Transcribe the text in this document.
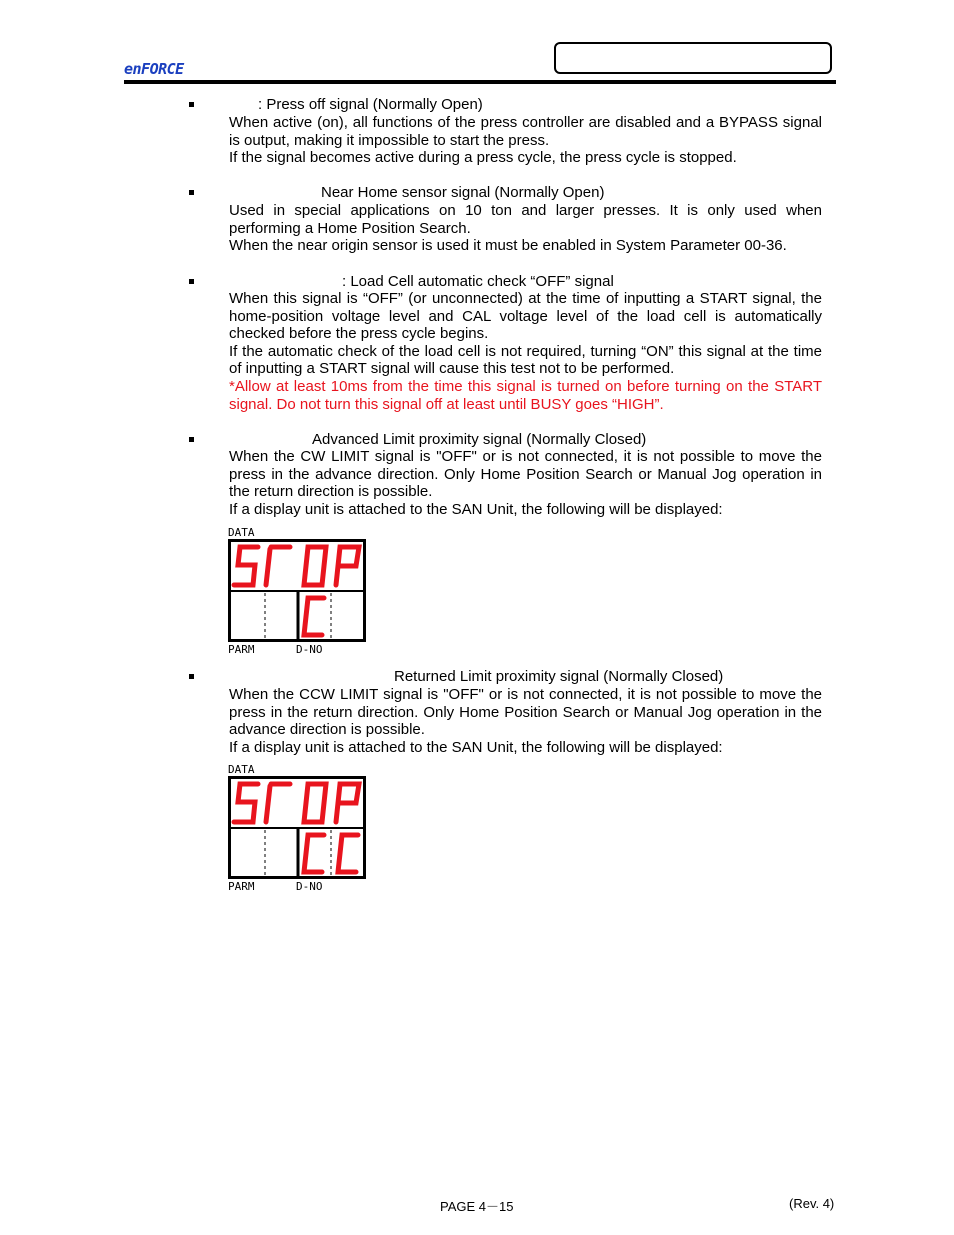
enFORCE
: Press off signal (Normally Open)

When active (on), all functions of the press controller are disabled and a BYPASS signal is output, making it impossible to start the press.

If the signal becomes active during a press cycle, the press cycle is stopped.

Near Home sensor signal (Normally Open)

Used in special applications on 10 ton and larger presses. It is only used when performing a Home Position Search.

When the near origin sensor is used it must be enabled in System Parameter 00-36.

: Load Cell automatic check “OFF” signal

When this signal is “OFF” (or unconnected) at the time of inputting a START signal, the home-position voltage level and CAL voltage level of the load cell is automatically checked before the press cycle begins.

If the automatic check of the load cell is not required, turning “ON” this signal at the time of inputting a START signal will cause this test not to be performed.

*Allow at least 10ms from the time this signal is turned on before turning on the START signal. Do not turn this signal off at least until BUSY goes “HIGH”.

Advanced Limit proximity signal (Normally Closed)

When the CW LIMIT signal is "OFF" or is not connected, it is not possible to move the press in the advance direction. Only Home Position Search or Manual Jog operation in the return direction is possible.

If a display unit is attached to the SAN Unit, the following will be displayed:

DATA
PARM	D-NO
Returned Limit proximity signal (Normally Closed)

When the CCW LIMIT signal is "OFF" or is not connected, it is not possible to move the press in the return direction. Only Home Position Search or Manual Jog operation in the advance direction is possible.

If a display unit is attached to the SAN Unit, the following will be displayed:

DATA
PARM	D-NO
PAGE 4－15	(Rev. 4)
